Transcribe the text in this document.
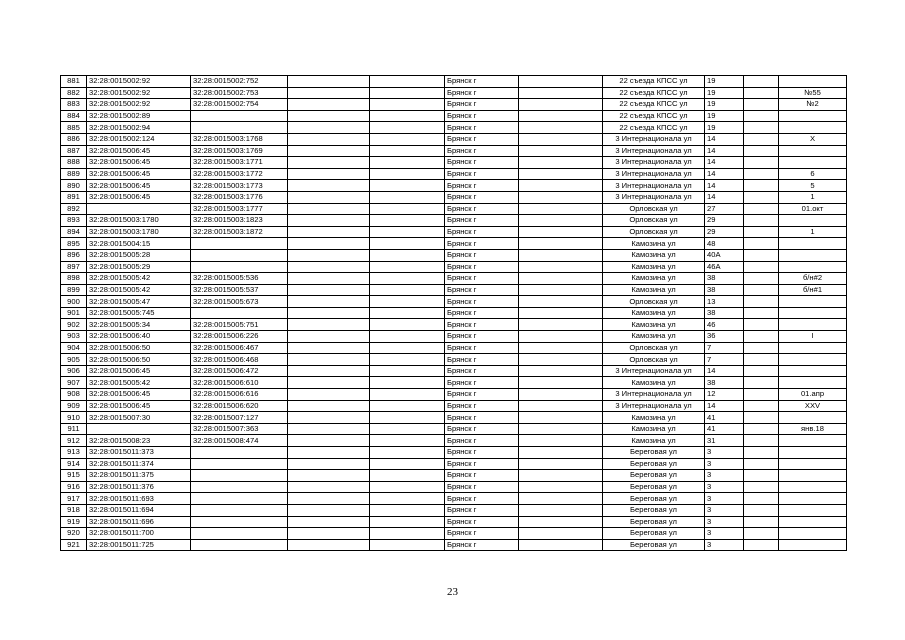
881	32:28:0015002:92	32:28:0015002:752			Брянск г		22 съезда КПСС ул	19		
882	32:28:0015002:92	32:28:0015002:753			Брянск г		22 съезда КПСС ул	19		№55
883	32:28:0015002:92	32:28:0015002:754			Брянск г		22 съезда КПСС ул	19		№2
884	32:28:0015002:89				Брянск г		22 съезда КПСС ул	19		
885	32:28:0015002:94				Брянск г		22 съезда КПСС ул	19		
886	32:28:0015002:124	32:28:0015003:1768			Брянск г		3 Интернационала ул	14		X
887	32:28:0015006:45	32:28:0015003:1769			Брянск г		3 Интернационала ул	14		
888	32:28:0015006:45	32:28:0015003:1771			Брянск г		3 Интернационала ул	14		
889	32:28:0015006:45	32:28:0015003:1772			Брянск г		3 Интернационала ул	14		6
890	32:28:0015006:45	32:28:0015003:1773			Брянск г		3 Интернационала ул	14		5
891	32:28:0015006:45	32:28:0015003:1776			Брянск г		3 Интернационала ул	14		1
892		32:28:0015003:1777			Брянск г		Орловская ул	27		01.окт
893	32:28:0015003:1780	32:28:0015003:1823			Брянск г		Орловская ул	29		
894	32:28:0015003:1780	32:28:0015003:1872			Брянск г		Орловская ул	29		1
895	32:28:0015004:15				Брянск г		Камозина ул	48		
896	32:28:0015005:28				Брянск г		Камозина ул	40А		
897	32:28:0015005:29				Брянск г		Камозина ул	46А		
898	32:28:0015005:42	32:28:0015005:536			Брянск г		Камозина ул	38		б/н#2
899	32:28:0015005:42	32:28:0015005:537			Брянск г		Камозина ул	38		б/н#1
900	32:28:0015005:47	32:28:0015005:673			Брянск г		Орловская ул	13		
901	32:28:0015005:745				Брянск г		Камозина ул	38		
902	32:28:0015005:34	32:28:0015005:751			Брянск г		Камозина ул	46		
903	32:28:0015006:40	32:28:0015006:226			Брянск г		Камозина ул	36		I
904	32:28:0015006:50	32:28:0015006:467			Брянск г		Орловская ул	7		
905	32:28:0015006:50	32:28:0015006:468			Брянск г		Орловская ул	7		
906	32:28:0015006:45	32:28:0015006:472			Брянск г		3 Интернационала ул	14		
907	32:28:0015005:42	32:28:0015006:610			Брянск г		Камозина ул	38		
908	32:28:0015006:45	32:28:0015006:616			Брянск г		3 Интернационала ул	12		01.апр
909	32:28:0015006:45	32:28:0015006:620			Брянск г		3 Интернационала ул	14		XXV
910	32:28:0015007:30	32:28:0015007:127			Брянск г		Камозина ул	41		
911		32:28:0015007:363			Брянск г		Камозина ул	41		янв.18
912	32:28:0015008:23	32:28:0015008:474			Брянск г		Камозина ул	31		
913	32:28:0015011:373				Брянск г		Береговая ул	3		
914	32:28:0015011:374				Брянск г		Береговая ул	3		
915	32:28:0015011:375				Брянск г		Береговая ул	3		
916	32:28:0015011:376				Брянск г		Береговая ул	3		
917	32:28:0015011:693				Брянск г		Береговая ул	3		
918	32:28:0015011:694				Брянск г		Береговая ул	3		
919	32:28:0015011:696				Брянск г		Береговая ул	3		
920	32:28:0015011:700				Брянск г		Береговая ул	3		
921	32:28:0015011:725				Брянск г		Береговая ул	3		
23
